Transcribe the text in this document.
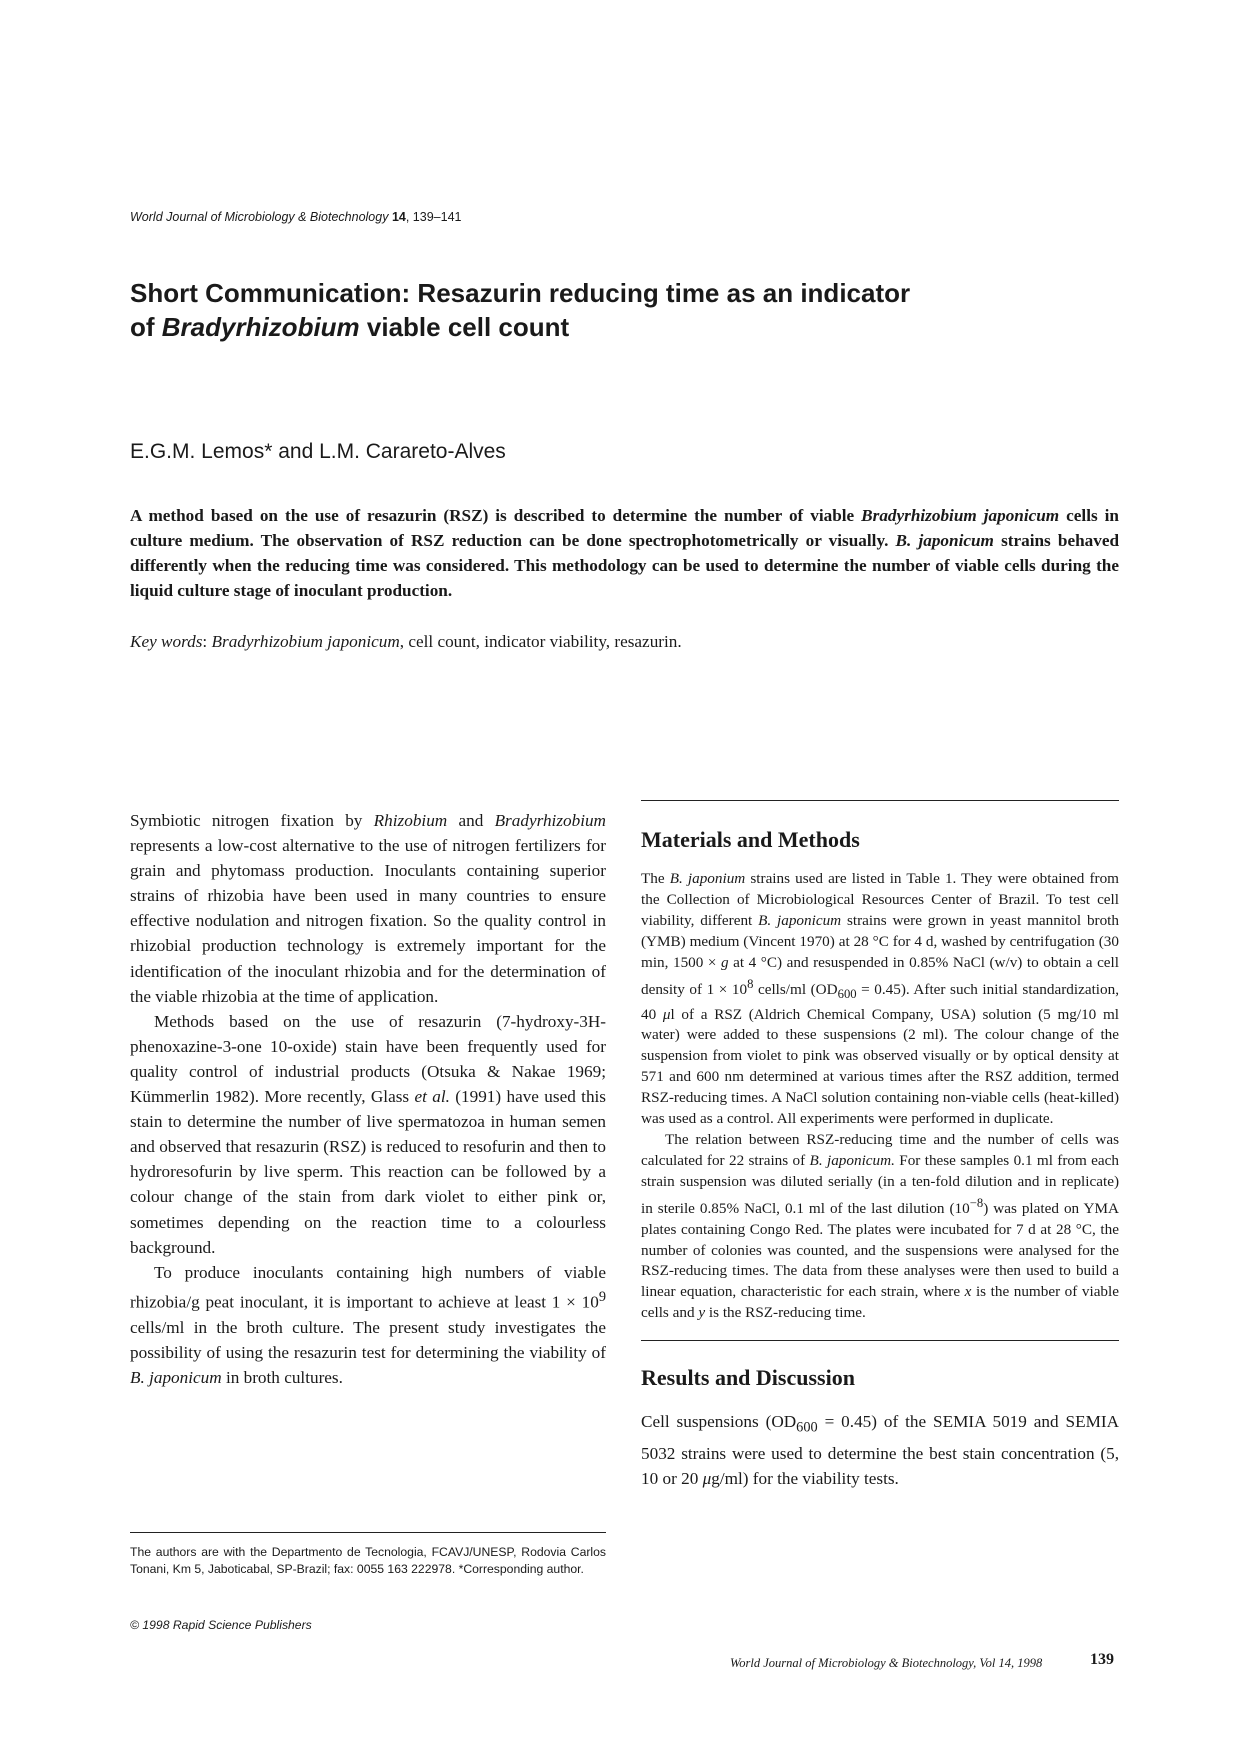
World Journal of Microbiology & Biotechnology 14, 139–141
Short Communication: Resazurin reducing time as an indicator
of Bradyrhizobium viable cell count
E.G.M. Lemos* and L.M. Carareto-Alves

A method based on the use of resazurin (RSZ) is described to determine the number of viable Bradyrhizobium japonicum cells in culture medium. The observation of RSZ reduction can be done spectrophotometrically or visually. B. japonicum strains behaved differently when the reducing time was considered. This methodology can be used to determine the number of viable cells during the liquid culture stage of inoculant production.

Key words: Bradyrhizobium japonicum, cell count, indicator viability, resazurin.

Symbiotic nitrogen fixation by Rhizobium and Bradyrhizobium represents a low-cost alternative to the use of nitrogen fertilizers for grain and phytomass production. Inoculants containing superior strains of rhizobia have been used in many countries to ensure effective nodulation and nitrogen fixation. So the quality control in rhizobial production technology is extremely important for the identification of the inoculant rhizobia and for the determination of the viable rhizobia at the time of application.

Methods based on the use of resazurin (7-hydroxy-3H-phenoxazine-3-one 10-oxide) stain have been frequently used for quality control of industrial products (Otsuka & Nakae 1969; Kümmerlin 1982). More recently, Glass et al. (1991) have used this stain to determine the number of live spermatozoa in human semen and observed that resazurin (RSZ) is reduced to resofurin and then to hydroresofurin by live sperm. This reaction can be followed by a colour change of the stain from dark violet to either pink or, sometimes depending on the reaction time to a colourless background.

To produce inoculants containing high numbers of viable rhizobia/g peat inoculant, it is important to achieve at least $1 \times 10^9$ cells/ml in the broth culture. The present study investigates the possibility of using the resazurin test for determining the viability of B. japonicum in broth cultures.

Materials and Methods

The B. japonium strains used are listed in Table 1. They were obtained from the Collection of Microbiological Resources Center of Brazil. To test cell viability, different B. japonicum strains were grown in yeast mannitol broth (YMB) medium (Vincent 1970) at 28 °C for 4 d, washed by centrifugation (30 min, 1500 × g at 4 °C) and resuspended in 0.85% NaCl (w/v) to obtain a cell density of $1 \times 10^8$ cells/ml $(OD_{600} = 0.45)$. After such initial standardization, 40 μl of a RSZ (Aldrich Chemical Company, USA) solution (5 mg/10 ml water) were added to these suspensions (2 ml). The colour change of the suspension from violet to pink was observed visually or by optical density at 571 and 600 nm determined at various times after the RSZ addition, termed RSZ-reducing times. A NaCl solution containing non-viable cells (heat-killed) was used as a control. All experiments were performed in duplicate.

The relation between RSZ-reducing time and the number of cells was calculated for 22 strains of B. japonicum. For these samples 0.1 ml from each strain suspension was diluted serially (in a ten-fold dilution and in replicate) in sterile 0.85% NaCl, 0.1 ml of the last dilution $(10^{-8})$ was plated on YMA plates containing Congo Red. The plates were incubated for 7 d at 28 °C, the number of colonies was counted, and the suspensions were analysed for the RSZ-reducing times. The data from these analyses were then used to build a linear equation, characteristic for each strain, where x is the number of viable cells and y is the RSZ-reducing time.

Results and Discussion

Cell suspensions $(OD_{600} = 0.45)$ of the SEMIA 5019 and SEMIA 5032 strains were used to determine the best stain concentration (5, 10 or 20 μg/ml) for the viability tests.

The authors are with the Departmento de Tecnologia, FCAVJ/UNESP, Rodovia Carlos Tonani, Km 5, Jaboticabal, SP-Brazil; fax: 0055 163 222978. *Corresponding author.

© 1998 Rapid Science Publishers
World Journal of Microbiology & Biotechnology, Vol 14, 1998	139
